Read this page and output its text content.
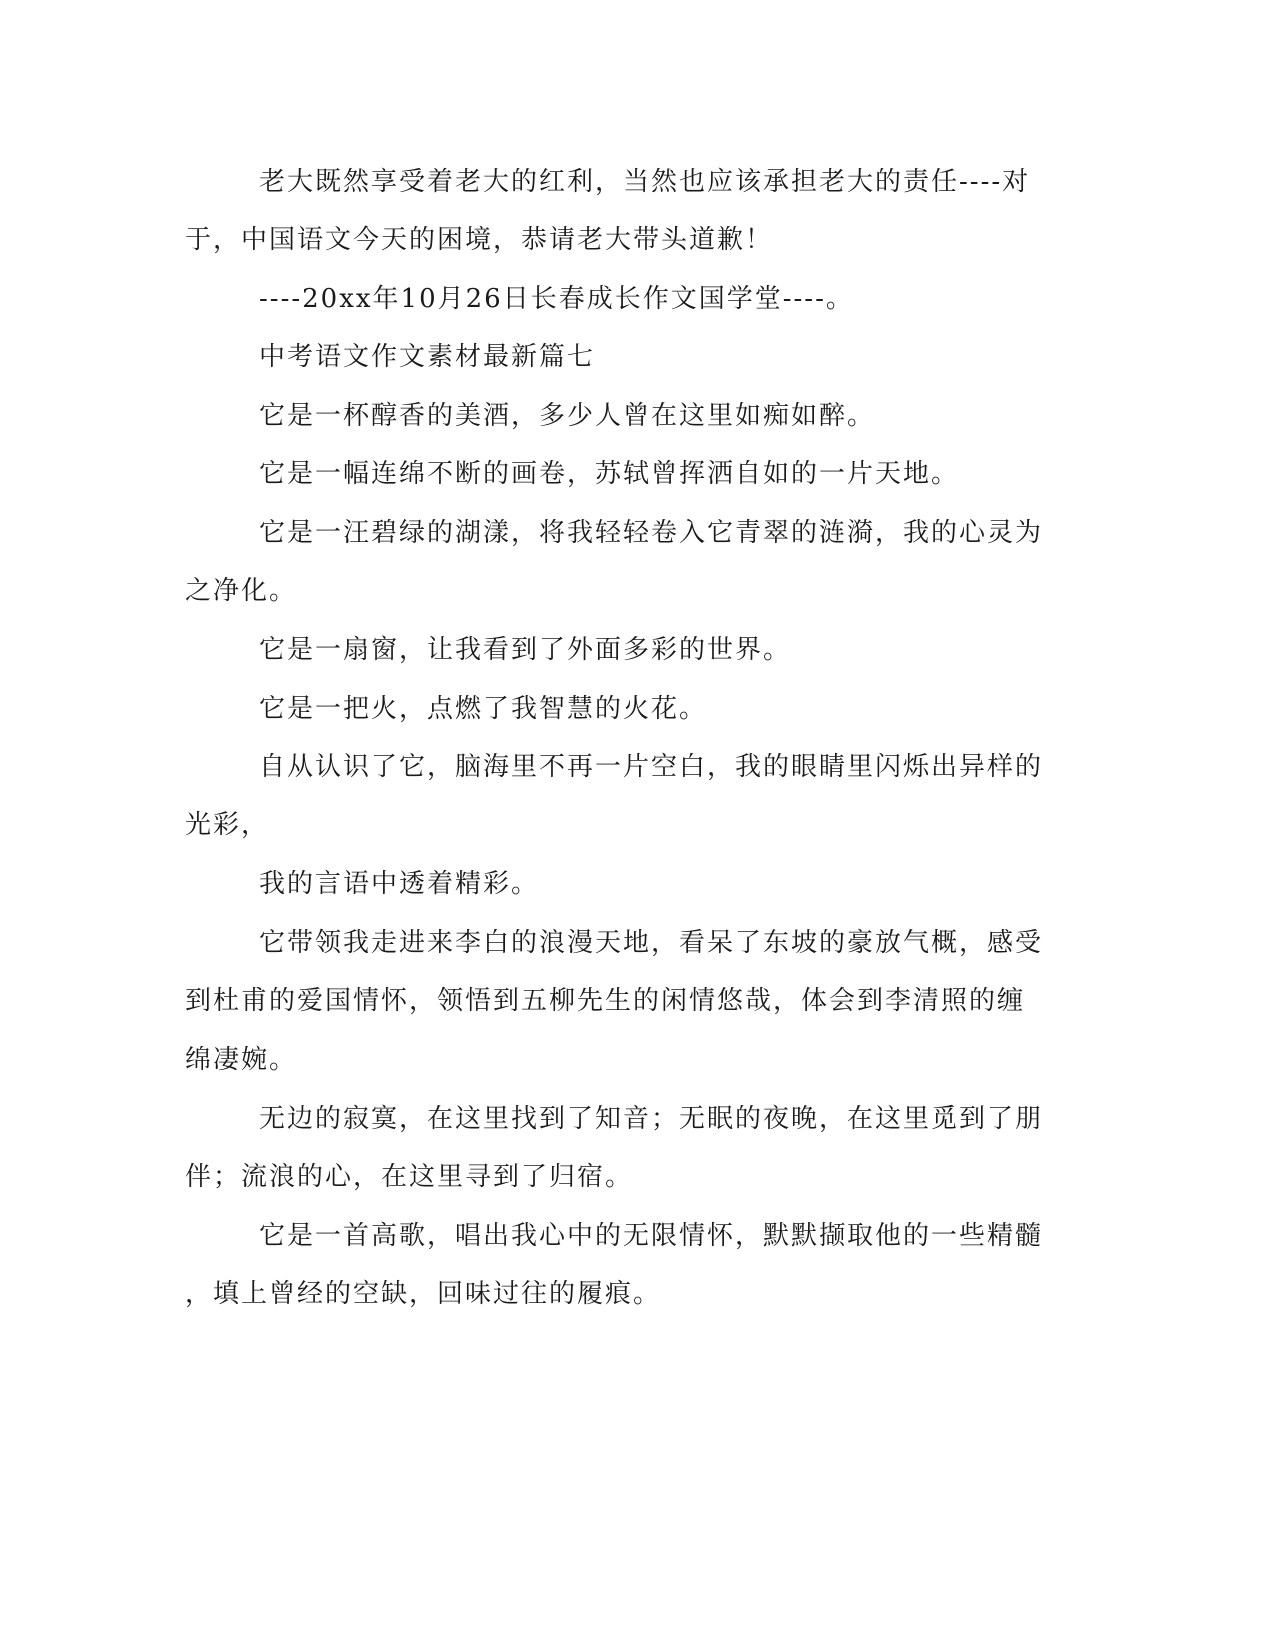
老大既然享受着老大的红利，当然也应该承担老大的责任----对
于，中国语文今天的困境，恭请老大带头道歉！
----20xx年10月26日长春成长作文国学堂----。
中考语文作文素材最新篇七
它是一杯醇香的美酒，多少人曾在这里如痴如醉。
它是一幅连绵不断的画卷，苏轼曾挥洒自如的一片天地。
它是一汪碧绿的湖漾，将我轻轻卷入它青翠的涟漪，我的心灵为
之净化。
它是一扇窗，让我看到了外面多彩的世界。
它是一把火，点燃了我智慧的火花。
自从认识了它，脑海里不再一片空白，我的眼睛里闪烁出异样的
光彩，
我的言语中透着精彩。
它带领我走进来李白的浪漫天地，看呆了东坡的豪放气概，感受
到杜甫的爱国情怀，领悟到五柳先生的闲情悠哉，体会到李清照的缠
绵凄婉。
无边的寂寞，在这里找到了知音；无眠的夜晚，在这里觅到了朋
伴；流浪的心，在这里寻到了归宿。
它是一首高歌，唱出我心中的无限情怀，默默撷取他的一些精髓
，填上曾经的空缺，回味过往的履痕。
